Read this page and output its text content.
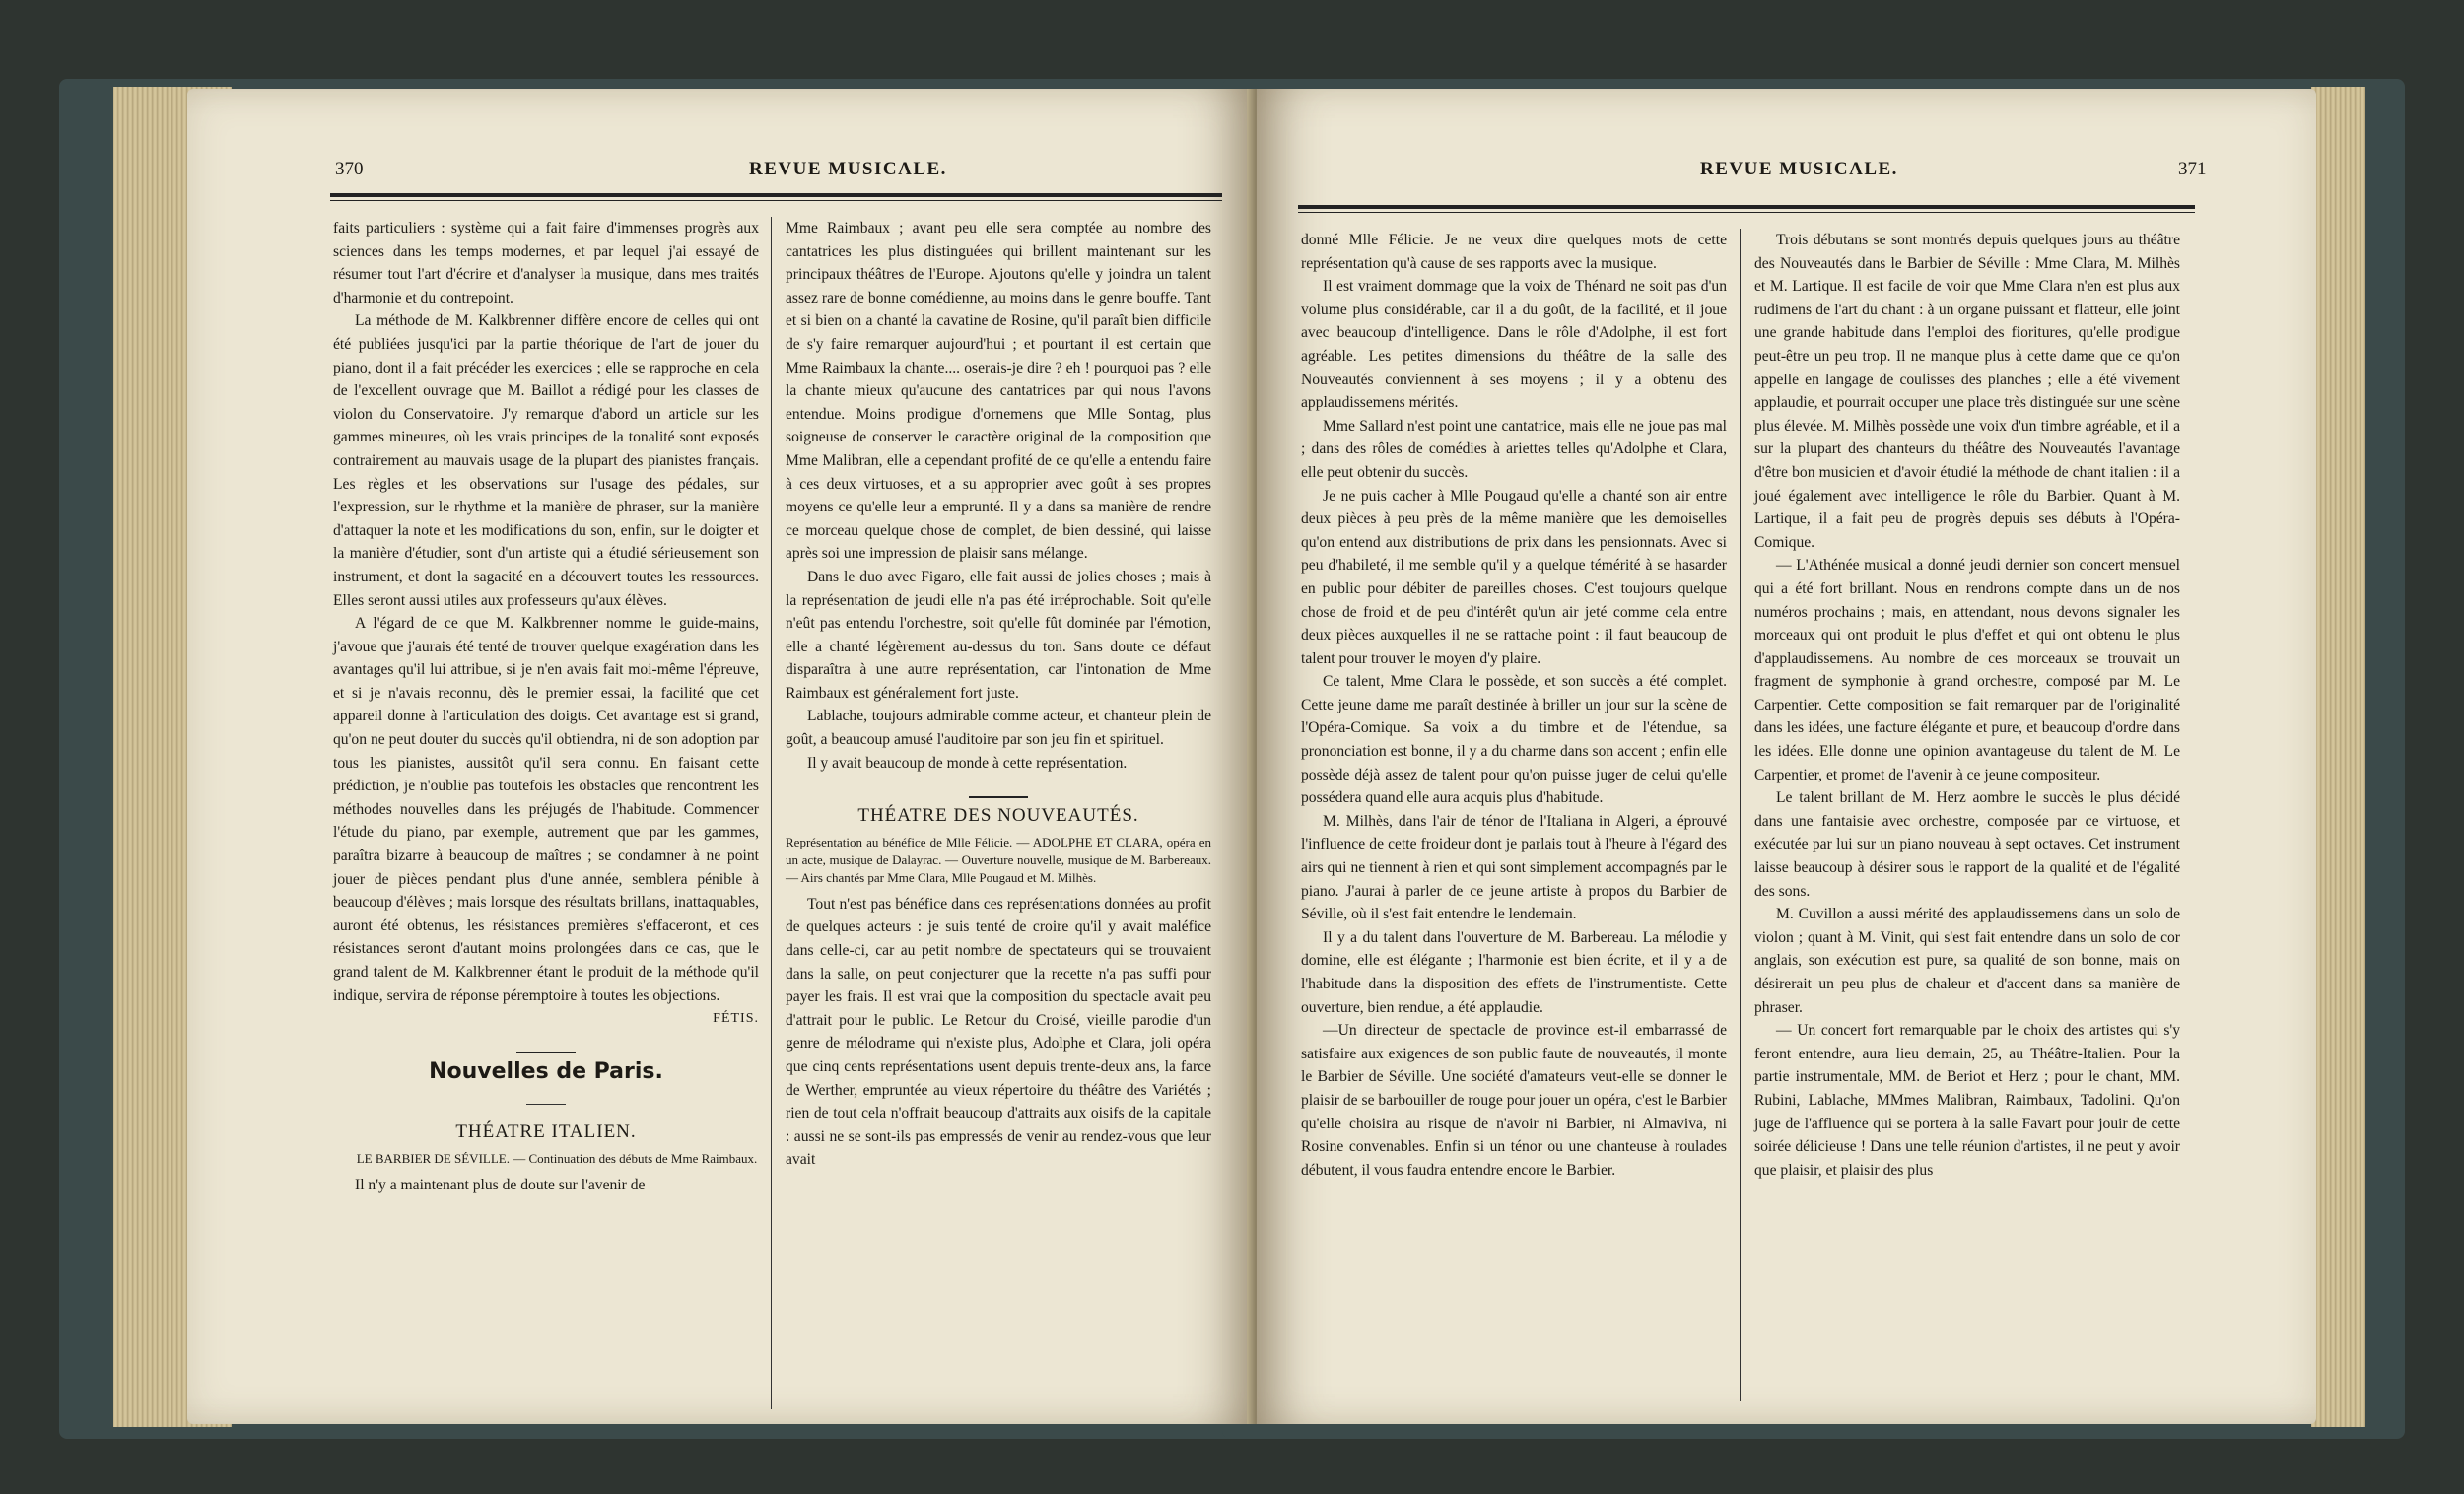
370	REVUE MUSICALE.

faits particuliers : système qui a fait faire d'immenses progrès aux sciences dans les temps modernes, et par lequel j'ai essayé de résumer tout l'art d'écrire et d'analyser la musique, dans mes traités d'harmonie et du contrepoint.

La méthode de M. Kalkbrenner diffère encore de celles qui ont été publiées jusqu'ici par la partie théorique de l'art de jouer du piano, dont il a fait précéder les exercices ; elle se rapproche en cela de l'excellent ouvrage que M. Baillot a rédigé pour les classes de violon du Conservatoire. J'y remarque d'abord un article sur les gammes mineures, où les vrais principes de la tonalité sont exposés contrairement au mauvais usage de la plupart des pianistes français. Les règles et les observations sur l'usage des pédales, sur l'expression, sur le rhythme et la manière de phraser, sur la manière d'attaquer la note et les modifications du son, enfin, sur le doigter et la manière d'étudier, sont d'un artiste qui a étudié sérieusement son instrument, et dont la sagacité en a découvert toutes les ressources. Elles seront aussi utiles aux professeurs qu'aux élèves.

A l'égard de ce que M. Kalkbrenner nomme le guide-mains, j'avoue que j'aurais été tenté de trouver quelque exagération dans les avantages qu'il lui attribue, si je n'en avais fait moi-même l'épreuve, et si je n'avais reconnu, dès le premier essai, la facilité que cet appareil donne à l'articulation des doigts. Cet avantage est si grand, qu'on ne peut douter du succès qu'il obtiendra, ni de son adoption par tous les pianistes, aussitôt qu'il sera connu. En faisant cette prédiction, je n'oublie pas toutefois les obstacles que rencontrent les méthodes nouvelles dans les préjugés de l'habitude. Commencer l'étude du piano, par exemple, autrement que par les gammes, paraîtra bizarre à beaucoup de maîtres ; se condamner à ne point jouer de pièces pendant plus d'une année, semblera pénible à beaucoup d'élèves ; mais lorsque des résultats brillans, inattaquables, auront été obtenus, les résistances premières s'effaceront, et ces résistances seront d'autant moins prolongées dans ce cas, que le grand talent de M. Kalkbrenner étant le produit de la méthode qu'il indique, servira de réponse péremptoire à toutes les objections.

FÉTIS.
Nouvelles de Paris.
THÉATRE ITALIEN.

LE BARBIER DE SÉVILLE. — Continuation des débuts de Mme Raimbaux.

Il n'y a maintenant plus de doute sur l'avenir de

Mme Raimbaux ; avant peu elle sera comptée au nombre des cantatrices les plus distinguées qui brillent maintenant sur les principaux théâtres de l'Europe. Ajoutons qu'elle y joindra un talent assez rare de bonne comédienne, au moins dans le genre bouffe. Tant et si bien on a chanté la cavatine de Rosine, qu'il paraît bien difficile de s'y faire remarquer aujourd'hui ; et pourtant il est certain que Mme Raimbaux la chante.... oserais-je dire ? eh ! pourquoi pas ? elle la chante mieux qu'aucune des cantatrices par qui nous l'avons entendue. Moins prodigue d'ornemens que Mlle Sontag, plus soigneuse de conserver le caractère original de la composition que Mme Malibran, elle a cependant profité de ce qu'elle a entendu faire à ces deux virtuoses, et a su approprier avec goût à ses propres moyens ce qu'elle leur a emprunté. Il y a dans sa manière de rendre ce morceau quelque chose de complet, de bien dessiné, qui laisse après soi une impression de plaisir sans mélange.

Dans le duo avec Figaro, elle fait aussi de jolies choses ; mais à la représentation de jeudi elle n'a pas été irréprochable. Soit qu'elle n'eût pas entendu l'orchestre, soit qu'elle fût dominée par l'émotion, elle a chanté légèrement au-dessus du ton. Sans doute ce défaut disparaîtra à une autre représentation, car l'intonation de Mme Raimbaux est généralement fort juste.

Lablache, toujours admirable comme acteur, et chanteur plein de goût, a beaucoup amusé l'auditoire par son jeu fin et spirituel.

Il y avait beaucoup de monde à cette représentation.

THÉATRE DES NOUVEAUTÉS.

Représentation au bénéfice de Mlle Félicie. — ADOLPHE ET CLARA, opéra en un acte, musique de Dalayrac. — Ouverture nouvelle, musique de M. Barbereaux. — Airs chantés par Mme Clara, Mlle Pougaud et M. Milhès.

Tout n'est pas bénéfice dans ces représentations données au profit de quelques acteurs : je suis tenté de croire qu'il y avait maléfice dans celle-ci, car au petit nombre de spectateurs qui se trouvaient dans la salle, on peut conjecturer que la recette n'a pas suffi pour payer les frais. Il est vrai que la composition du spectacle avait peu d'attrait pour le public. Le Retour du Croisé, vieille parodie d'un genre de mélodrame qui n'existe plus, Adolphe et Clara, joli opéra que cinq cents représentations usent depuis trente-deux ans, la farce de Werther, empruntée au vieux répertoire du théâtre des Variétés ; rien de tout cela n'offrait beaucoup d'attraits aux oisifs de la capitale : aussi ne se sont-ils pas empressés de venir au rendez-vous que leur avait

REVUE MUSICALE.	371

donné Mlle Félicie. Je ne veux dire quelques mots de cette représentation qu'à cause de ses rapports avec la musique.

Il est vraiment dommage que la voix de Thénard ne soit pas d'un volume plus considérable, car il a du goût, de la facilité, et il joue avec beaucoup d'intelligence. Dans le rôle d'Adolphe, il est fort agréable. Les petites dimensions du théâtre de la salle des Nouveautés conviennent à ses moyens ; il y a obtenu des applaudissemens mérités.

Mme Sallard n'est point une cantatrice, mais elle ne joue pas mal ; dans des rôles de comédies à ariettes telles qu'Adolphe et Clara, elle peut obtenir du succès.

Je ne puis cacher à Mlle Pougaud qu'elle a chanté son air entre deux pièces à peu près de la même manière que les demoiselles qu'on entend aux distributions de prix dans les pensionnats. Avec si peu d'habileté, il me semble qu'il y a quelque témérité à se hasarder en public pour débiter de pareilles choses. C'est toujours quelque chose de froid et de peu d'intérêt qu'un air jeté comme cela entre deux pièces auxquelles il ne se rattache point : il faut beaucoup de talent pour trouver le moyen d'y plaire.

Ce talent, Mme Clara le possède, et son succès a été complet. Cette jeune dame me paraît destinée à briller un jour sur la scène de l'Opéra-Comique. Sa voix a du timbre et de l'étendue, sa prononciation est bonne, il y a du charme dans son accent ; enfin elle possède déjà assez de talent pour qu'on puisse juger de celui qu'elle possédera quand elle aura acquis plus d'habitude.

M. Milhès, dans l'air de ténor de l'Italiana in Algeri, a éprouvé l'influence de cette froideur dont je parlais tout à l'heure à l'égard des airs qui ne tiennent à rien et qui sont simplement accompagnés par le piano. J'aurai à parler de ce jeune artiste à propos du Barbier de Séville, où il s'est fait entendre le lendemain.

Il y a du talent dans l'ouverture de M. Barbereau. La mélodie y domine, elle est élégante ; l'harmonie est bien écrite, et il y a de l'habitude dans la disposition des effets de l'instrumentiste. Cette ouverture, bien rendue, a été applaudie.

—Un directeur de spectacle de province est-il embarrassé de satisfaire aux exigences de son public faute de nouveautés, il monte le Barbier de Séville. Une société d'amateurs veut-elle se donner le plaisir de se barbouiller de rouge pour jouer un opéra, c'est le Barbier qu'elle choisira au risque de n'avoir ni Barbier, ni Almaviva, ni Rosine convenables. Enfin si un ténor ou une chanteuse à roulades débutent, il vous faudra entendre encore le Barbier.

Trois débutans se sont montrés depuis quelques jours au théâtre des Nouveautés dans le Barbier de Séville : Mme Clara, M. Milhès et M. Lartique. Il est facile de voir que Mme Clara n'en est plus aux rudimens de l'art du chant : à un organe puissant et flatteur, elle joint une grande habitude dans l'emploi des fioritures, qu'elle prodigue peut-être un peu trop. Il ne manque plus à cette dame que ce qu'on appelle en langage de coulisses des planches ; elle a été vivement applaudie, et pourrait occuper une place très distinguée sur une scène plus élevée. M. Milhès possède une voix d'un timbre agréable, et il a sur la plupart des chanteurs du théâtre des Nouveautés l'avantage d'être bon musicien et d'avoir étudié la méthode de chant italien : il a joué également avec intelligence le rôle du Barbier. Quant à M. Lartique, il a fait peu de progrès depuis ses débuts à l'Opéra-Comique.

— L'Athénée musical a donné jeudi dernier son concert mensuel qui a été fort brillant. Nous en rendrons compte dans un de nos numéros prochains ; mais, en attendant, nous devons signaler les morceaux qui ont produit le plus d'effet et qui ont obtenu le plus d'applaudissemens. Au nombre de ces morceaux se trouvait un fragment de symphonie à grand orchestre, composé par M. Le Carpentier. Cette composition se fait remarquer par de l'originalité dans les idées, une facture élégante et pure, et beaucoup d'ordre dans les idées. Elle donne une opinion avantageuse du talent de M. Le Carpentier, et promet de l'avenir à ce jeune compositeur.

Le talent brillant de M. Herz aombre le succès le plus décidé dans une fantaisie avec orchestre, composée par ce virtuose, et exécutée par lui sur un piano nouveau à sept octaves. Cet instrument laisse beaucoup à désirer sous le rapport de la qualité et de l'égalité des sons.

M. Cuvillon a aussi mérité des applaudissemens dans un solo de violon ; quant à M. Vinit, qui s'est fait entendre dans un solo de cor anglais, son exécution est pure, sa qualité de son bonne, mais on désirerait un peu plus de chaleur et d'accent dans sa manière de phraser.

— Un concert fort remarquable par le choix des artistes qui s'y feront entendre, aura lieu demain, 25, au Théâtre-Italien. Pour la partie instrumentale, MM. de Beriot et Herz ; pour le chant, MM. Rubini, Lablache, MMmes Malibran, Raimbaux, Tadolini. Qu'on juge de l'affluence qui se portera à la salle Favart pour jouir de cette soirée délicieuse ! Dans une telle réunion d'artistes, il ne peut y avoir que plaisir, et plaisir des plus
